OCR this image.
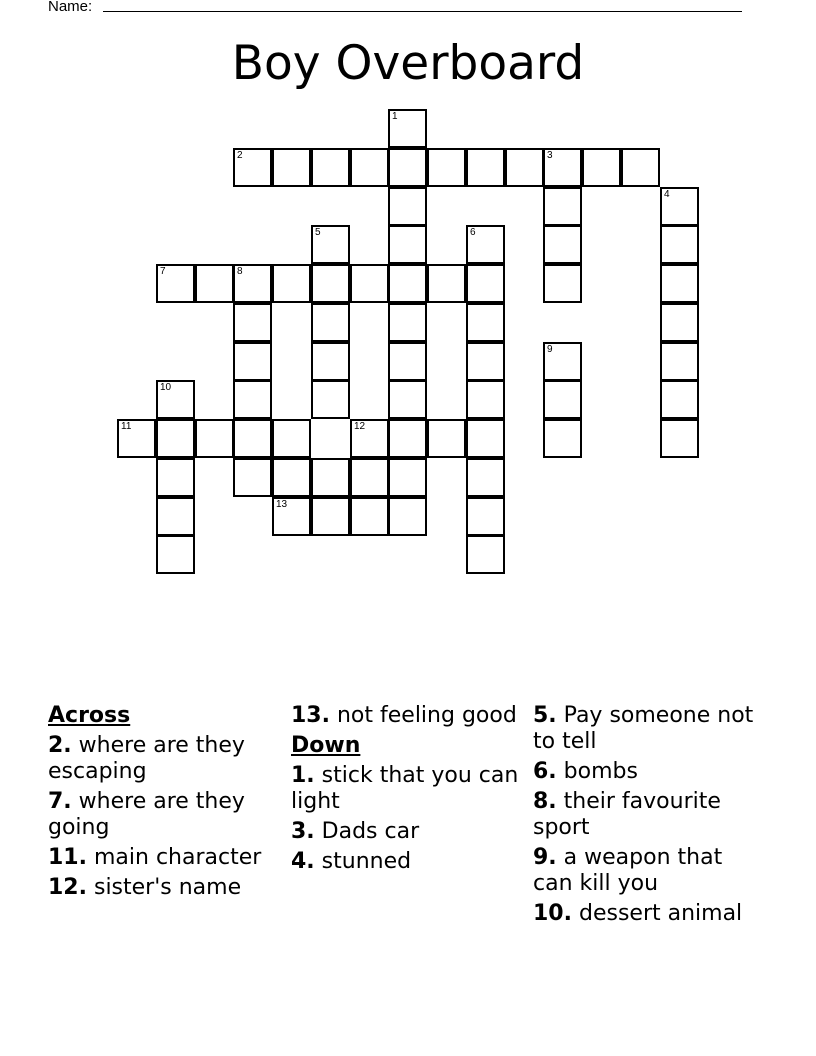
Name:
Boy Overboard
1
2	3
4
5	6
7	8
9
10
11	12
13
Across
2. where are they escaping
7. where are they going
11. main character
12. sister's name
13. not feeling good
Down
1. stick that you can light
3. Dads car
4. stunned
5. Pay someone not to tell
6. bombs
8. their favourite sport
9. a weapon that can kill you
10. dessert animal
